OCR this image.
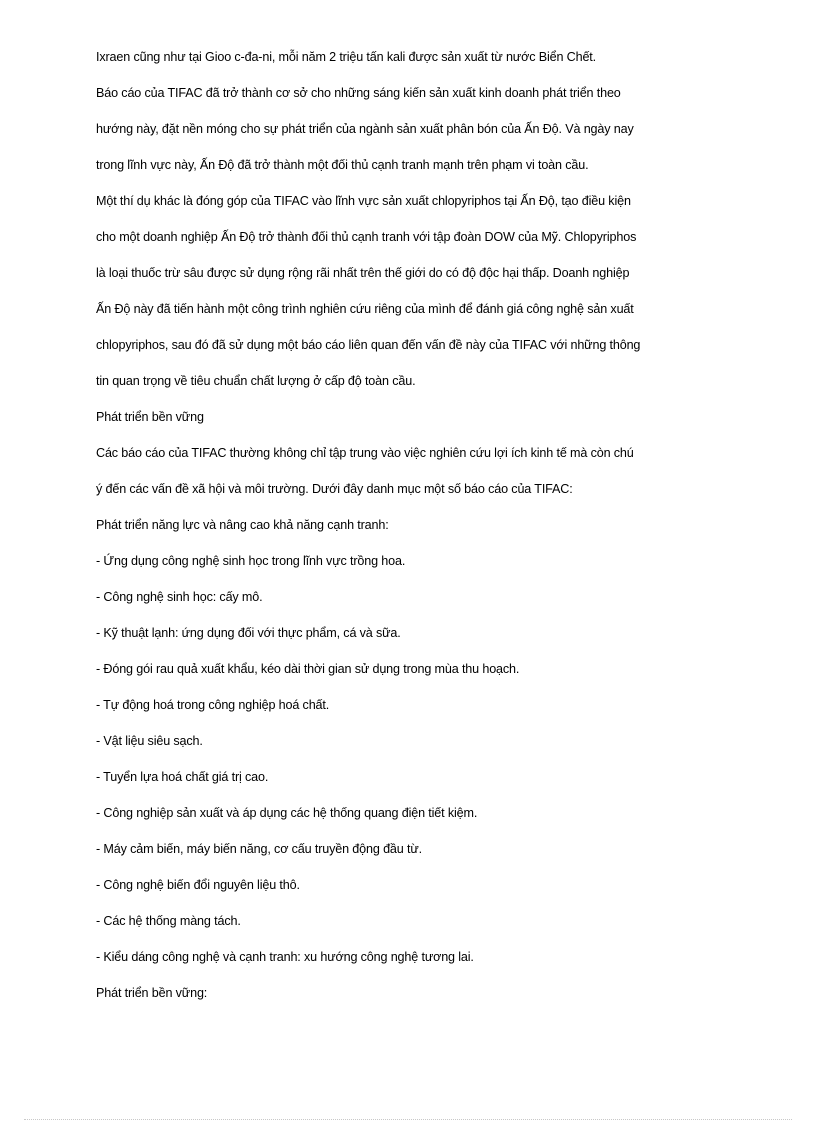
Ixraen cũng như tại Gioo c-đa-ni, mỗi năm 2 triệu tấn kali được sản xuất từ nước Biển Chết.
Báo cáo của TIFAC đã trở thành cơ sở cho những sáng kiến sản xuất kinh doanh phát triển theo
hướng này, đặt nền móng cho sự phát triển của ngành sản xuất phân bón của Ấn Độ. Và ngày nay
trong lĩnh vực này, Ấn Độ đã trở thành một đối thủ cạnh tranh mạnh trên phạm vi toàn cầu.
Một thí dụ khác là đóng góp của TIFAC vào lĩnh vực sản xuất chlopyriphos tại Ấn Độ, tạo điều kiện
cho một doanh nghiệp Ấn Độ trở thành đối thủ cạnh tranh với tập đoàn DOW của Mỹ. Chlopyriphos
là loại thuốc trừ sâu được sử dụng rộng rãi nhất trên thế giới do có độ độc hại thấp. Doanh nghiệp
Ấn Độ này đã tiến hành một công trình nghiên cứu riêng của mình để đánh giá công nghệ sản xuất
chlopyriphos, sau đó đã sử dụng một báo cáo liên quan đến vấn đề này của TIFAC với những thông
tin quan trọng về tiêu chuẩn chất lượng ở cấp độ toàn cầu.
Phát triển bền vững
Các báo cáo của TIFAC thường không chỉ tập trung vào việc nghiên cứu lợi ích kinh tế mà còn chú
ý đến các vấn đề xã hội và môi trường. Dưới đây danh mục một số báo cáo của TIFAC:
Phát triển năng lực và nâng cao khả năng cạnh tranh:
- Ứng dụng công nghệ sinh học trong lĩnh vực trồng hoa.
- Công nghệ sinh học: cấy mô.
- Kỹ thuật lạnh: ứng dụng đối với thực phẩm, cá và sữa.
- Đóng gói rau quả xuất khẩu, kéo dài thời gian sử dụng trong mùa thu hoạch.
- Tự động hoá trong công nghiệp hoá chất.
- Vật liệu siêu sạch.
- Tuyển lựa hoá chất giá trị cao.
- Công nghiệp sản xuất và áp dụng các hệ thống quang điện tiết kiệm.
- Máy cảm biến, máy biến năng, cơ cấu truyền động đầu từ.
- Công nghệ biến đổi nguyên liệu thô.
- Các hệ thống màng tách.
- Kiểu dáng công nghệ và cạnh tranh: xu hướng công nghệ tương lai.
Phát triển bền vững:
